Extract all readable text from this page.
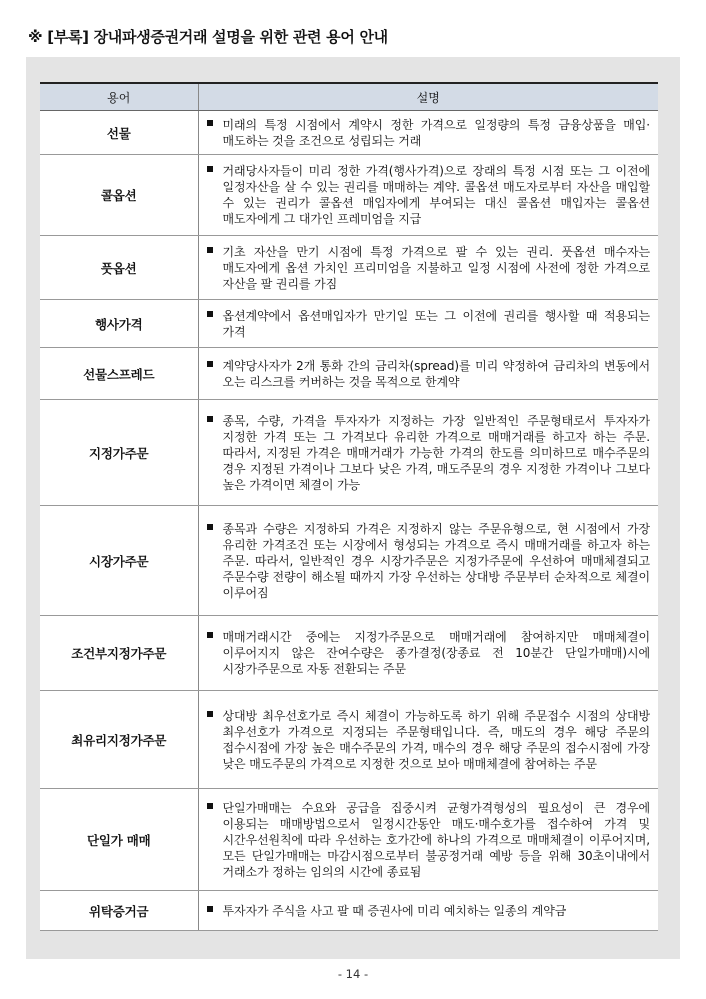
※ [부록] 장내파생증권거래 설명을 위한 관련 용어 안내
용어	설명
선물	미래의 특정 시점에서 계약시 정한 가격으로 일정량의 특정 금융상품을 매입·매도하는 것을 조건으로 성립되는 거래

콜옵션	거래당사자들이 미리 정한 가격(행사가격)으로 장래의 특정 시점 또는 그 이전에 일정자산을 살 수 있는 권리를 매매하는 계약. 콜옵션 매도자로부터 자산을 매입할 수 있는 권리가 콜옵션 매입자에게 부여되는 대신 콜옵션 매입자는 콜옵션 매도자에게 그 대가인 프레미엄을 지급

풋옵션	기초 자산을 만기 시점에 특정 가격으로 팔 수 있는 권리. 풋옵션 매수자는 매도자에게 옵션 가치인 프리미엄을 지불하고 일정 시점에 사전에 정한 가격으로 자산을 팔 권리를 가짐

행사가격	옵션계약에서 옵션매입자가 만기일 또는 그 이전에 권리를 행사할 때 적용되는 가격

선물스프레드	계약당사자가 2개 통화 간의 금리차(spread)를 미리 약정하여 금리차의 변동에서 오는 리스크를 커버하는 것을 목적으로 한계약

지정가주문	종목, 수량, 가격을 투자자가 지정하는 가장 일반적인 주문형태로서 투자자가 지정한 가격 또는 그 가격보다 유리한 가격으로 매매거래를 하고자 하는 주문. 따라서, 지정된 가격은 매매거래가 가능한 가격의 한도를 의미하므로 매수주문의 경우 지정된 가격이나 그보다 낮은 가격, 매도주문의 경우 지정한 가격이나 그보다 높은 가격이면 체결이 가능

시장가주문	종목과 수량은 지정하되 가격은 지정하지 않는 주문유형으로, 현 시점에서 가장 유리한 가격조건 또는 시장에서 형성되는 가격으로 즉시 매매거래를 하고자 하는 주문. 따라서, 일반적인 경우 시장가주문은 지정가주문에 우선하여 매매체결되고 주문수량 전량이 해소될 때까지 가장 우선하는 상대방 주문부터 순차적으로 체결이 이루어짐

조건부지정가주문	매매거래시간 중에는 지정가주문으로 매매거래에 참여하지만 매매체결이 이루어지지 않은 잔여수량은 종가결정(장종료 전 10분간 단일가매매)시에 시장가주문으로 자동 전환되는 주문

최유리지정가주문	상대방 최우선호가로 즉시 체결이 가능하도록 하기 위해 주문접수 시점의 상대방 최우선호가 가격으로 지정되는 주문형태입니다. 즉, 매도의 경우 해당 주문의 접수시점에 가장 높은 매수주문의 가격, 매수의 경우 해당 주문의 접수시점에 가장 낮은 매도주문의 가격으로 지정한 것으로 보아 매매체결에 참여하는 주문

단일가 매매	단일가매매는 수요와 공급을 집중시켜 균형가격형성의 필요성이 큰 경우에 이용되는 매매방법으로서 일정시간동안 매도·매수호가를 접수하여 가격 및 시간우선원칙에 따라 우선하는 호가간에 하나의 가격으로 매매체결이 이루어지며, 모든 단일가매매는 마감시점으로부터 불공정거래 예방 등을 위해 30초이내에서 거래소가 정하는 임의의 시간에 종료됨

위탁증거금	투자자가 주식을 사고 팔 때 증권사에 미리 예치하는 일종의 계약금
- 14 -
